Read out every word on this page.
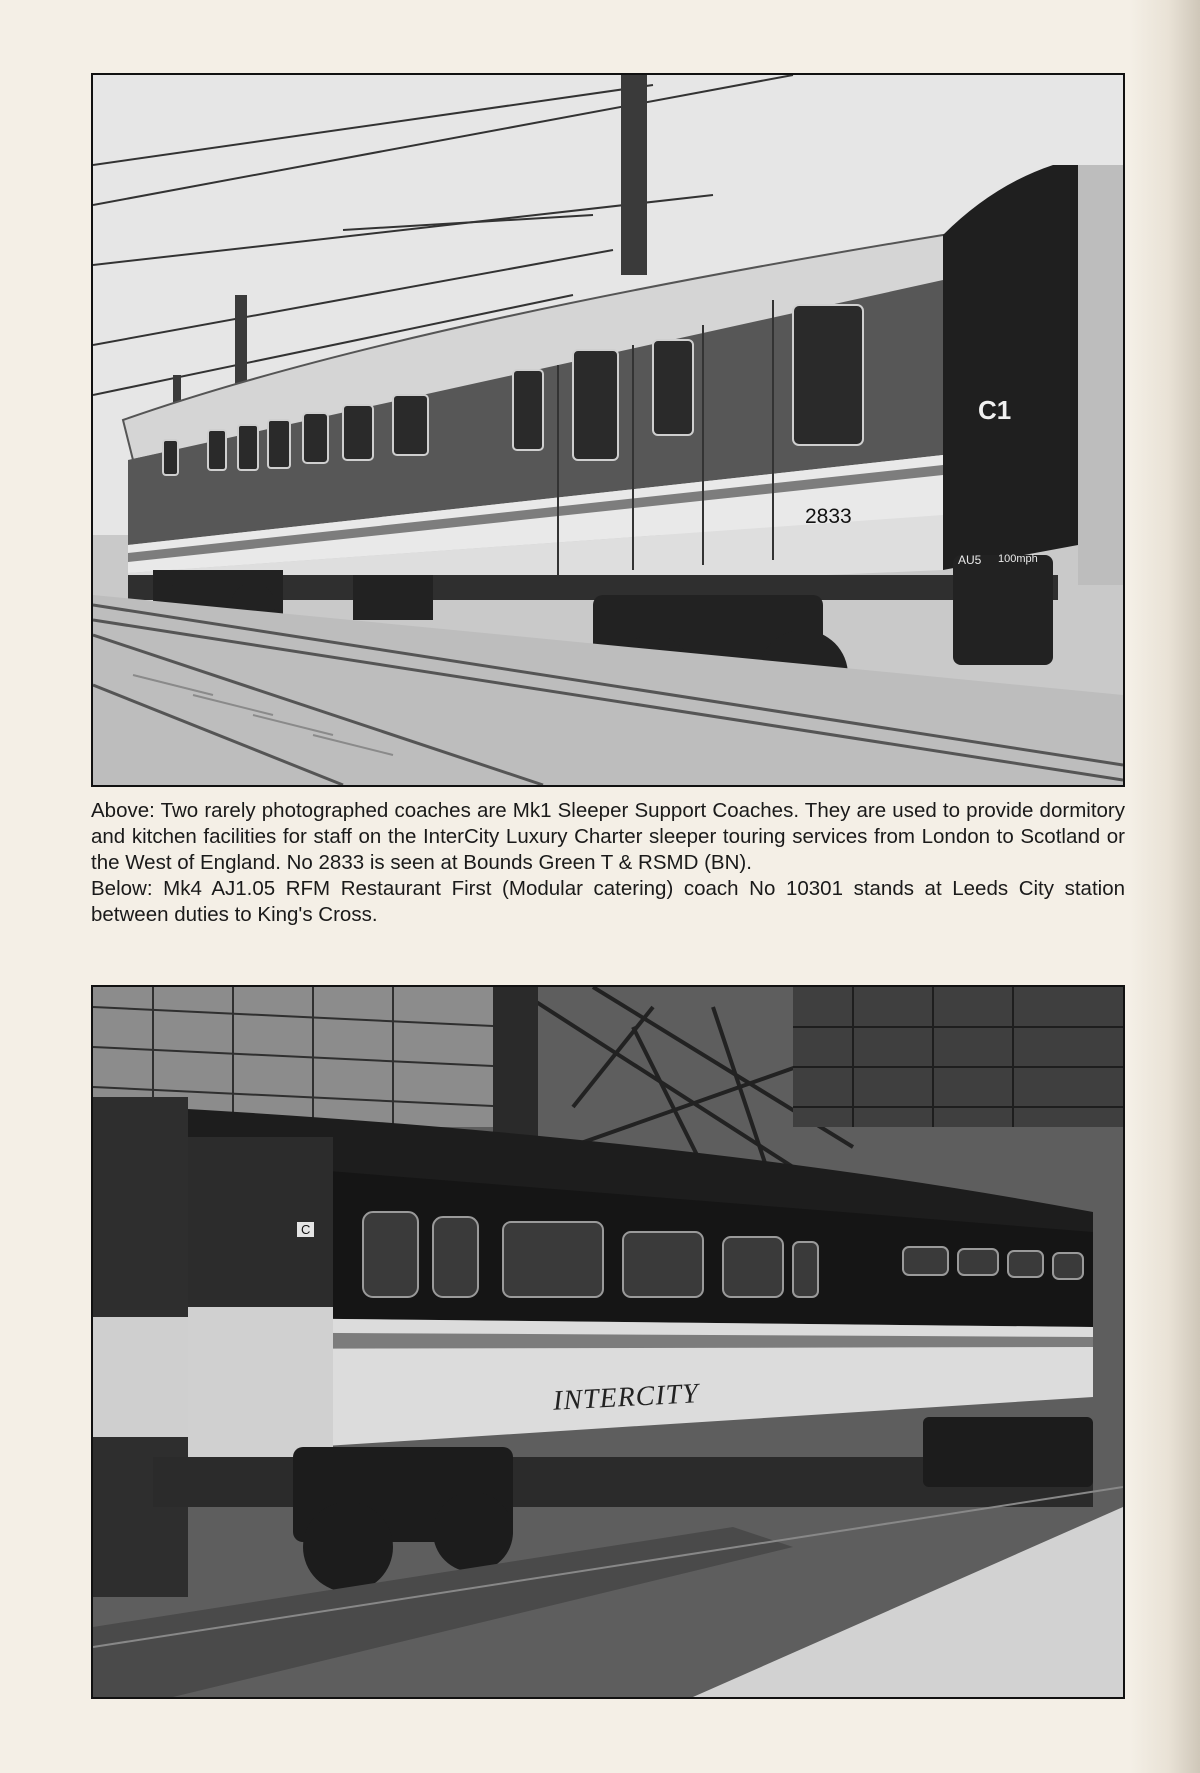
2833
C1
AU5 100mph

Above: Two rarely photographed coaches are Mk1 Sleeper Support Coaches. They are used to provide dormitory and kitchen facilities for staff on the InterCity Luxury Charter sleeper touring services from London to Scotland or the West of England. No 2833 is seen at Bounds Green T & RSMD (BN).

Below: Mk4 AJ1.05 RFM Restaurant First (Modular catering) coach No 10301 stands at Leeds City station between duties to King's Cross.

INTERCITY
C
